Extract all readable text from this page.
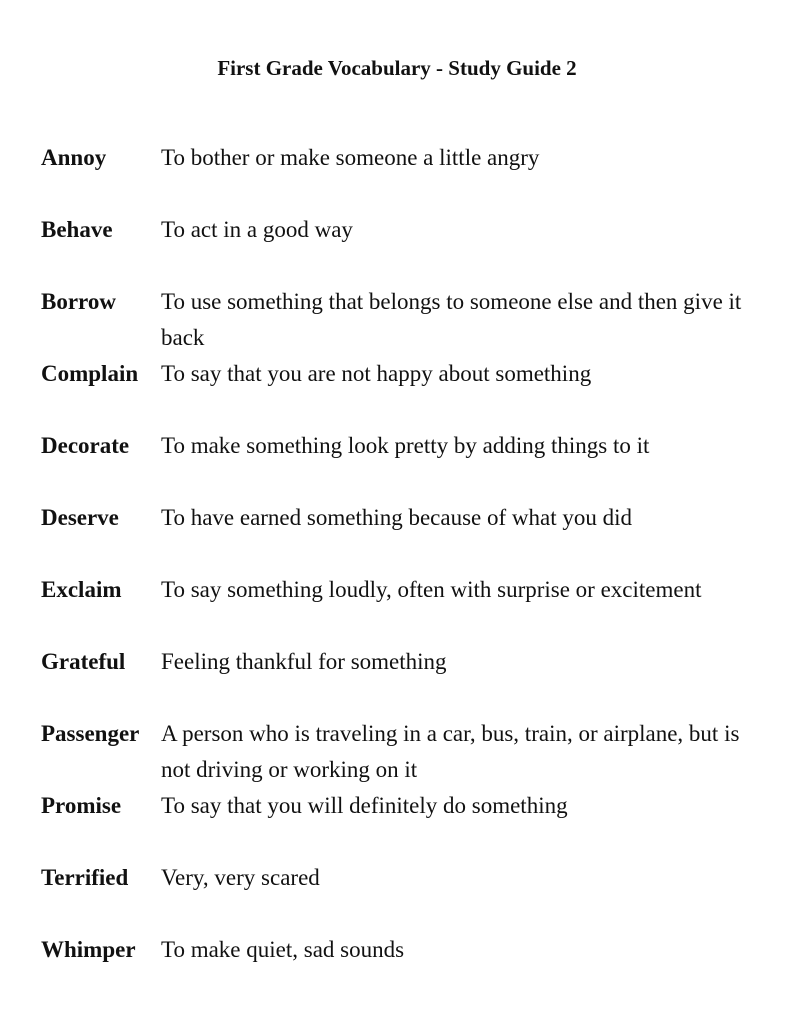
First Grade Vocabulary - Study Guide 2
Annoy To bother or make someone a little angry
Behave To act in a good way
Borrow To use something that belongs to someone else and then give it back
Complain To say that you are not happy about something
Decorate To make something look pretty by adding things to it
Deserve To have earned something because of what you did
Exclaim To say something loudly, often with surprise or excitement
Grateful Feeling thankful for something
Passenger A person who is traveling in a car, bus, train, or airplane, but is not driving or working on it
Promise To say that you will definitely do something
Terrified Very, very scared
Whimper To make quiet, sad sounds
